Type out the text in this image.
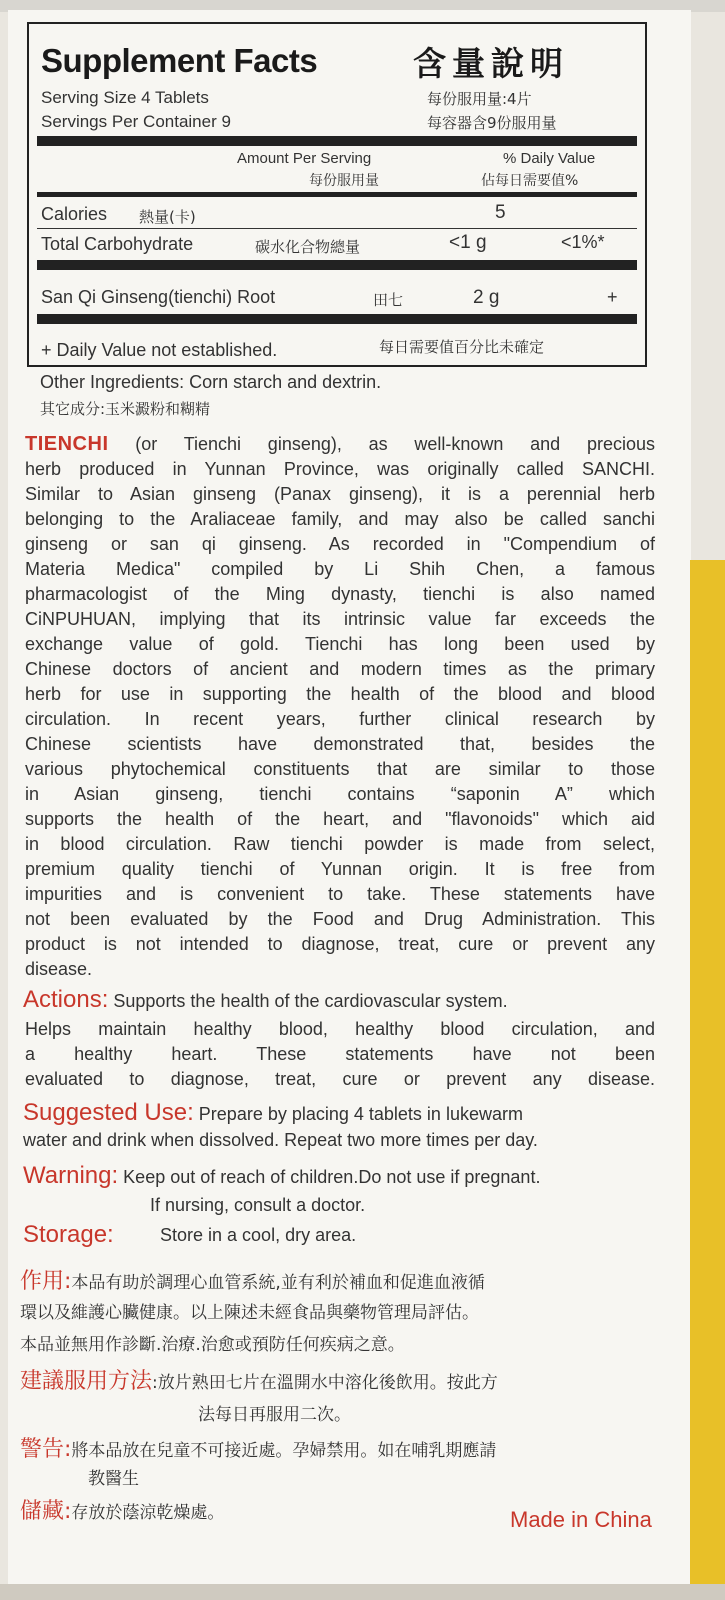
Supplement Facts	含量說明
Serving Size 4 Tablets	每份服用量:4片
Servings Per Container 9	每容器含9份服用量
Amount Per Serving
每份服用量
% Daily Value
佔每日需要值%
Calories 熱量(卡)	5
Total Carbohydrate	碳水化合物總量	<1 g	<1%*
San Qi Ginseng(tienchi) Root	田七	2 g	+
+ Daily Value not established.	每日需要值百分比未確定
Other Ingredients: Corn starch and dextrin.
其它成分:玉米澱粉和糊精
TIENCHI (or Tienchi ginseng), as well-known and precious
herb produced in Yunnan Province, was originally called SANCHI.
Similar to Asian ginseng (Panax ginseng), it is a perennial herb
belonging to the Araliaceae family, and may also be called sanchi
ginseng or san qi ginseng. As recorded in "Compendium of
Materia Medica" compiled by Li Shih Chen, a famous
pharmacologist of the Ming dynasty, tienchi is also named
CiNPUHUAN, implying that its intrinsic value far exceeds the
exchange value of gold. Tienchi has long been used by
Chinese doctors of ancient and modern times as the primary
herb for use in supporting the health of the blood and blood
circulation. In recent years, further clinical research by
Chinese scientists have demonstrated that, besides the
various phytochemical constituents that are similar to those
in Asian ginseng, tienchi contains “saponin A” which
supports the health of the heart, and "flavonoids" which aid
in blood circulation. Raw tienchi powder is made from select,
premium quality tienchi of Yunnan origin. It is free from
impurities and is convenient to take. These statements have
not been evaluated by the Food and Drug Administration. This
product is not intended to diagnose, treat, cure or prevent any
disease.
Actions: Supports the health of the cardiovascular system.
Helps maintain healthy blood, healthy blood circulation, and
a healthy heart. These statements have not been
evaluated to diagnose, treat, cure or prevent any disease.
Suggested Use: Prepare by placing 4 tablets in lukewarm
water and drink when dissolved. Repeat two more times per day.
Warning: Keep out of reach of children.Do not use if pregnant.
If nursing, consult a doctor.
Storage:	Store in a cool, dry area.
作用:本品有助於調理心血管系統,並有利於補血和促進血液循
環以及維護心臟健康。以上陳述未經食品與藥物管理局評估。
本品並無用作診斷.治療.治愈或預防任何疾病之意。
建議服用方法:放片熟田七片在溫開水中溶化後飲用。按此方
法每日再服用二次。
警告:將本品放在兒童不可接近處。孕婦禁用。如在哺乳期應請
教醫生
儲藏:存放於蔭涼乾燥處。	Made in China
